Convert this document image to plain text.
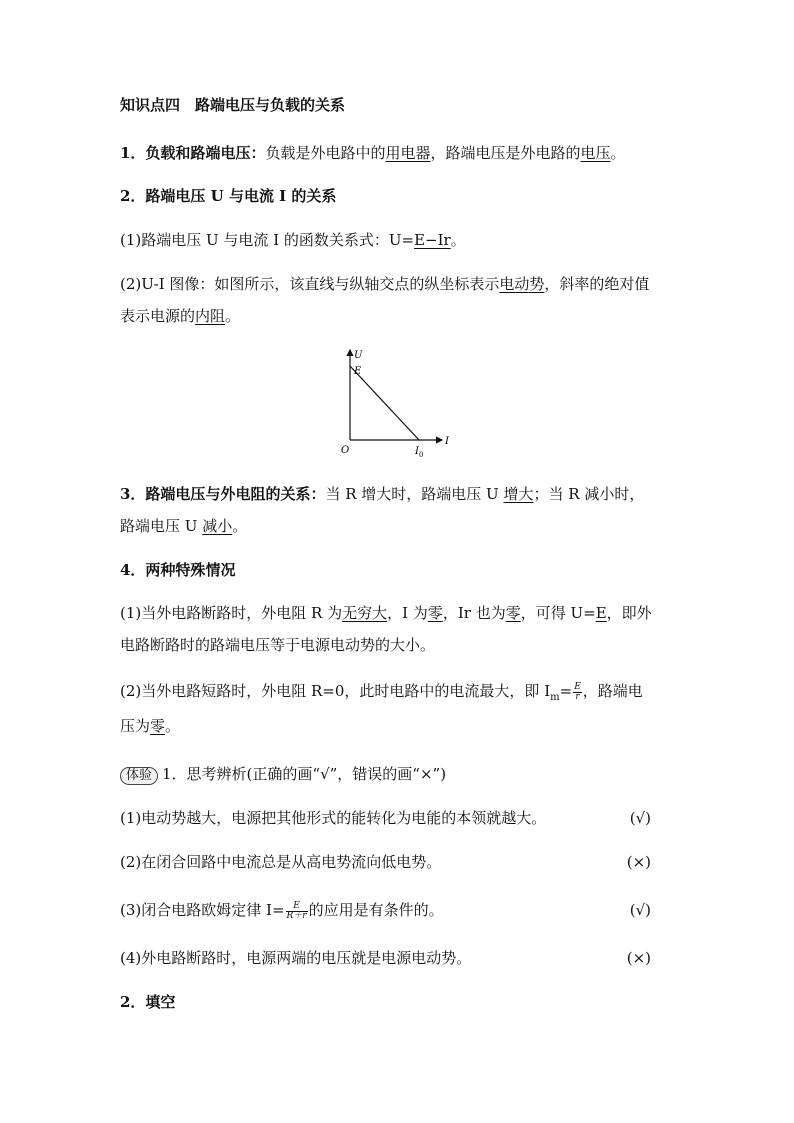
知识点四  路端电压与负载的关系
1．负载和路端电压：负载是外电路中的用电器，路端电压是外电路的电压。
2．路端电压 U 与电流 I 的关系
(1)路端电压 U 与电流 I 的函数关系式：U=E−Ir。
(2)U-I 图像：如图所示，该直线与纵轴交点的纵坐标表示电动势，斜率的绝对值
表示电源的内阻。
U
I
O
E
$I_0$
3．路端电压与外电阻的关系：当 R 增大时，路端电压 U 增大；当 R 减小时，
路端电压 U 减小。
4．两种特殊情况
(1)当外电路断路时，外电阻 R 为无穷大，I 为零，Ir 也为零，可得 U=E，即外
电路断路时的路端电压等于电源电动势的大小。
(2)当外电路短路时，外电阻 R=0，此时电路中的电流最大，即 $I_m= \frac{E}{r}$ ，路端电
压为零。
体验 1．思考辨析(正确的画“√”，错误的画“×”)
(1)电动势越大，电源把其他形式的能转化为电能的本领就越大。	(√)
(2)在闭合回路中电流总是从高电势流向低电势。	(×)
(3)闭合电路欧姆定律 $I= \frac{E}{R+r}$ 的应用是有条件的。	(√)
(4)外电路断路时，电源两端的电压就是电源电动势。	(×)
2．填空
